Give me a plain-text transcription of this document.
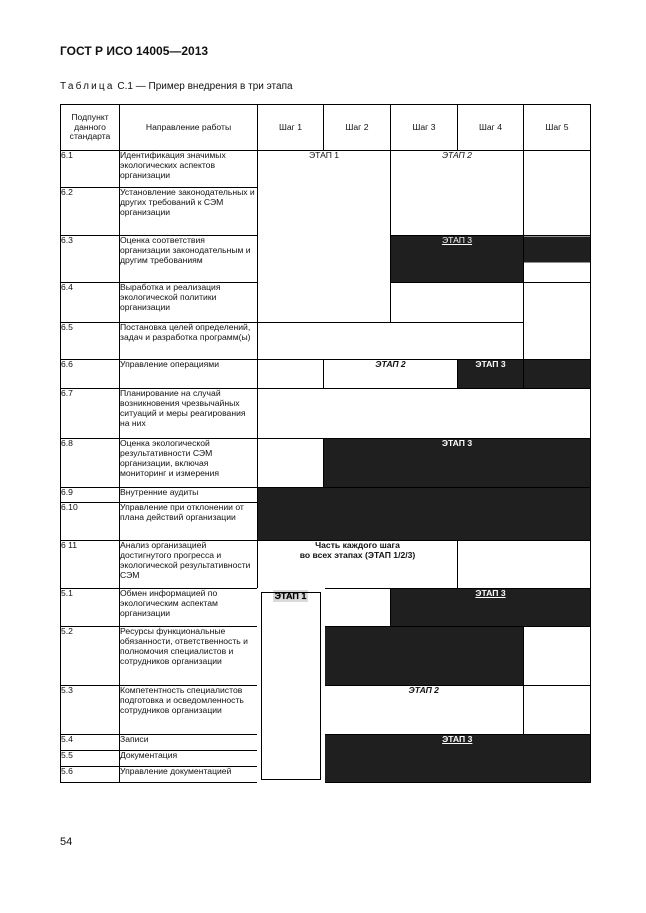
ГОСТ Р ИСО 14005—2013
Таблица С.1 — Пример внедрения в три этапа
Подпункт данного стандарта	Направление работы	Шаг 1	Шаг 2	Шаг 3	Шаг 4	Шаг 5
6.1	Идентификация значимых экологических аспектов организации	ЭТАП 1		ЭТАП 2		
6.2	Установление законодательных и других требований к СЭМ организации					
6.3	Оценка соответствия организации законодательным и другим требованиям			ЭТАП 3		
6.4	Выработка и реализация экологической политики организации					
6.5	Постановка целей определений, задач и разработка программ(ы)					
6.6	Управление операциями		ЭТАП 2		ЭТАП 3	
6.7	Планирование на случай возникновения чрезвычайных ситуаций и меры реагирования на них					
6.8	Оценка экологической результативности СЭМ организации, включая мониторинг и измерения		ЭТАП 3			
6.9	Внутренние аудиты					
6.10	Управление при отклонении от плана действий организации					
6 11	Анализ организацией достигнутого прогресса и экологической результативности СЭМ	Часть каждого шага
во всех этапах (ЭТАП 1/2/3)				

5.1	Обмен информацией по экологическим аспектам организации	ЭТАП 1		ЭТАП 3		
5.2	Ресурсы функциональные обязанности, ответственность и полномочия специалистов и сотрудников организации					
5.3	Компетентность специалистов подготовка и осведомленность сотрудников организации		ЭТАП 2			
5.4	Записи		ЭТАП 3			
5.5	Документация					
5.6	Управление документацией					
54
